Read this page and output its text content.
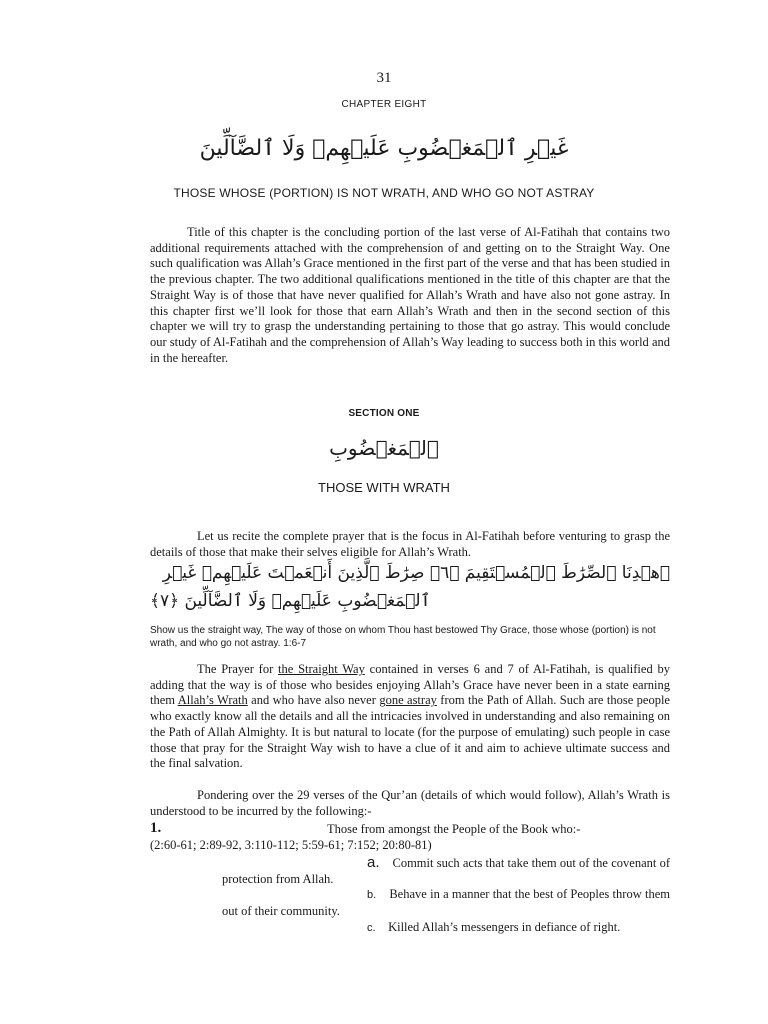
31
CHAPTER EIGHT
غَيۡرِ ٱلۡمَغۡضُوبِ عَلَيۡهِمۡ وَلَا ٱلضَّآلِّينَ
THOSE WHOSE (PORTION) IS NOT WRATH, AND WHO GO NOT ASTRAY

Title of this chapter is the concluding portion of the last verse of Al-Fatihah that contains two additional requirements attached with the comprehension of and getting on to the Straight Way. One such qualification was Allah’s Grace mentioned in the first part of the verse and that has been studied in the previous chapter. The two additional qualifications mentioned in the title of this chapter are that the Straight Way is of those that have never qualified for Allah’s Wrath and have also not gone astray. In this chapter first we’ll look for those that earn Allah’s Wrath and then in the second section of this chapter we will try to grasp the understanding pertaining to those that go astray. This would conclude our study of Al-Fatihah and the comprehension of Allah’s Way leading to success both in this world and in the hereafter.

SECTION ONE
ٱلۡمَغۡضُوبِ
THOSE WITH WRATH

Let us recite the complete prayer that is the focus in Al-Fatihah before venturing to grasp the details of those that make their selves eligible for Allah’s Wrath.

ٱهۡدِنَا ٱلصِّرَٰطَ ٱلۡمُسۡتَقِيمَ ﴿٦﴾ صِرَٰطَ ٱلَّذِينَ أَنۡعَمۡتَ عَلَيۡهِمۡ غَيۡرِ

ٱلۡمَغۡضُوبِ عَلَيۡهِمۡ وَلَا ٱلضَّآلِّينَ ﴿٧﴾

Show us the straight way, The way of those on whom Thou hast bestowed Thy Grace, those whose (portion) is not wrath, and who go not astray. 1:6-7

The Prayer for the Straight Way contained in verses 6 and 7 of Al-Fatihah, is qualified by adding that the way is of those who besides enjoying Allah’s Grace have never been in a state earning them Allah’s Wrath and who have also never gone astray from the Path of Allah. Such are those people who exactly know all the details and all the intricacies involved in understanding and also remaining on the Path of Allah Almighty. It is but natural to locate (for the purpose of emulating) such people in case those that pray for the Straight Way wish to have a clue of it and aim to achieve ultimate success and the final salvation.

Pondering over the 29 verses of the Qur’an (details of which would follow), Allah’s Wrath is understood to be incurred by the following:-

1.	Those from amongst the People of the Book who:-
(2:60-61; 2:89-92, 3:110-112; 5:59-61; 7:152; 20:80-81)

a. Commit such acts that take them out of the covenant of protection from Allah.

b. Behave in a manner that the best of Peoples throw them out of their community.

c. Killed Allah’s messengers in defiance of right.
